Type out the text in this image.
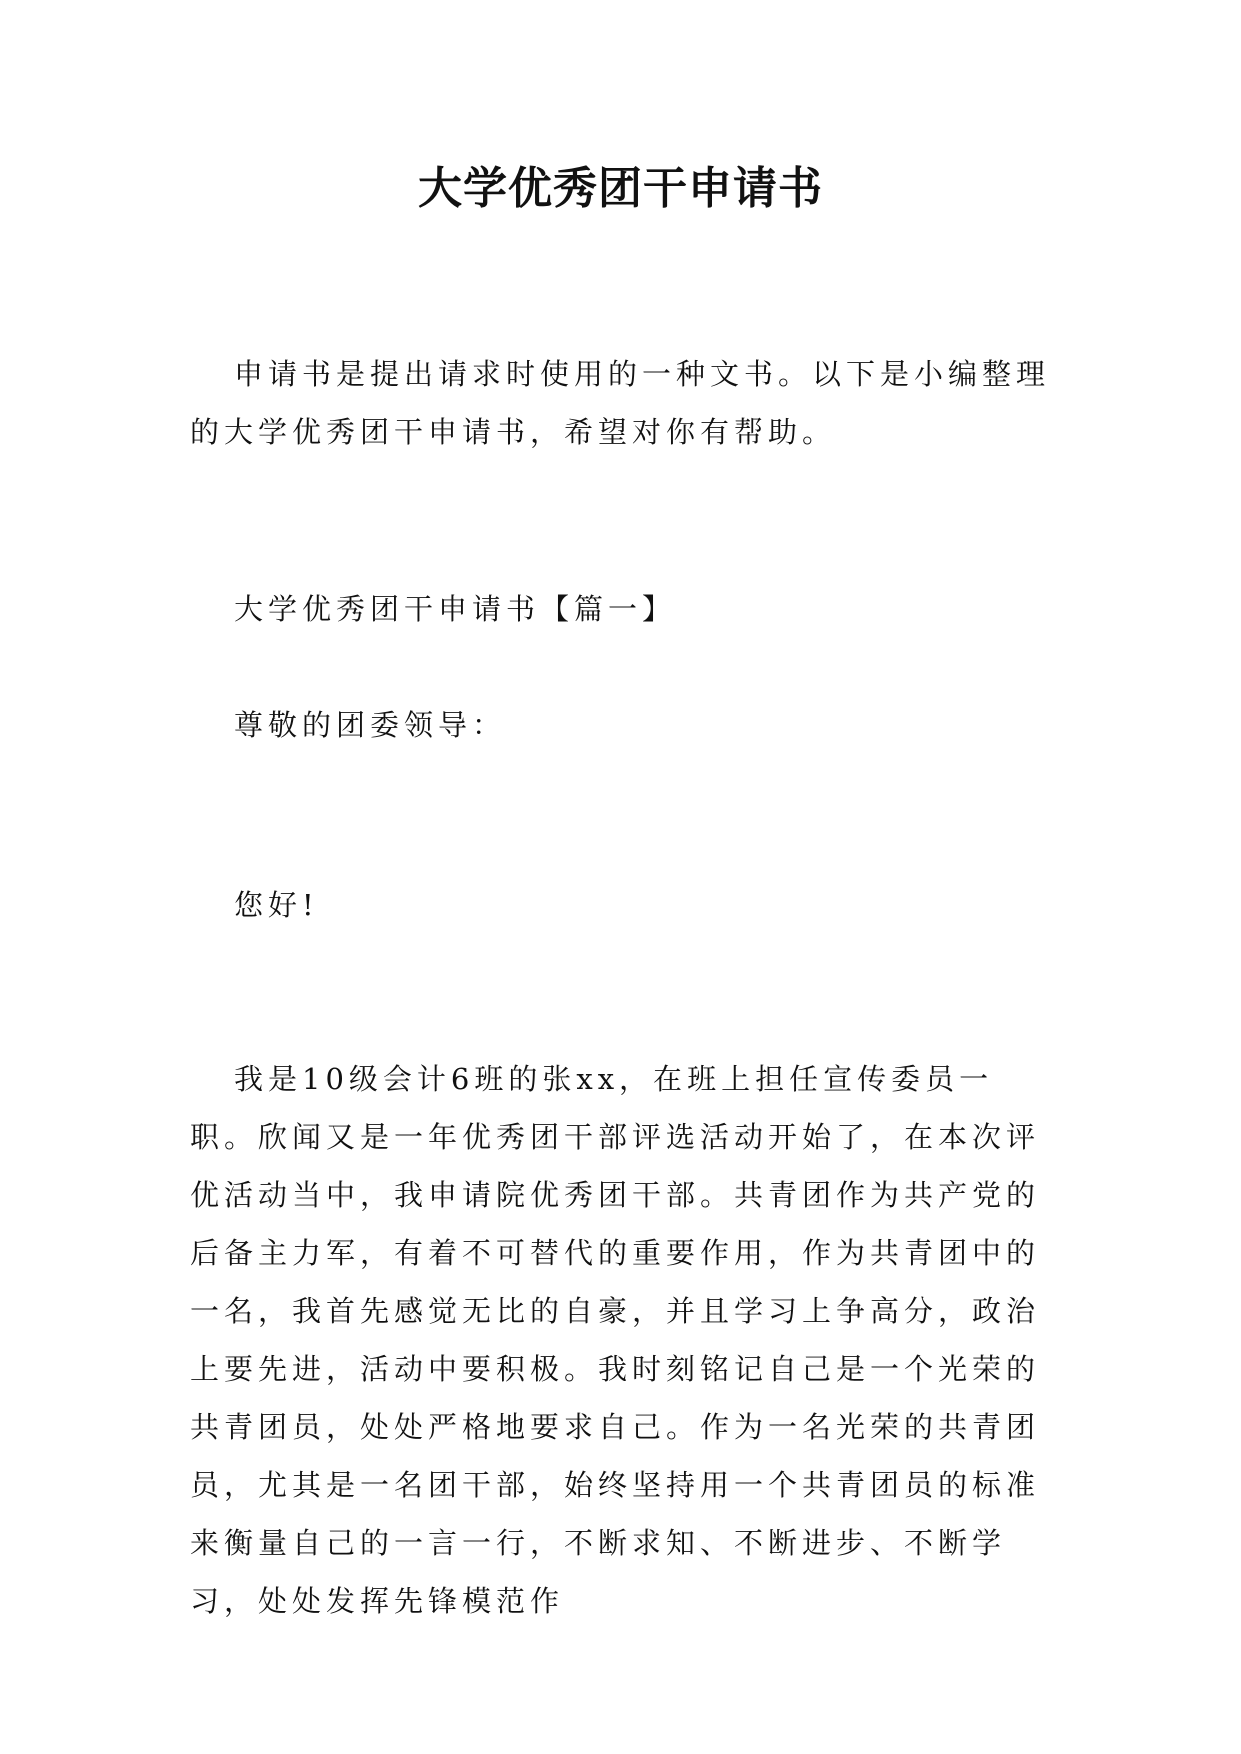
大学优秀团干申请书

申请书是提出请求时使用的一种文书。以下是小编整理的大学优秀团干申请书，希望对你有帮助。

大学优秀团干申请书【篇一】

尊敬的团委领导：

您好!

我是10级会计6班的张xx，在班上担任宣传委员一职。欣闻又是一年优秀团干部评选活动开始了，在本次评优活动当中，我申请院优秀团干部。共青团作为共产党的后备主力军，有着不可替代的重要作用，作为共青团中的一名，我首先感觉无比的自豪，并且学习上争高分，政治上要先进，活动中要积极。我时刻铭记自己是一个光荣的共青团员，处处严格地要求自己。作为一名光荣的共青团员，尤其是一名团干部，始终坚持用一个共青团员的标准来衡量自己的一言一行，不断求知、不断进步、不断学习，处处发挥先锋模范作
